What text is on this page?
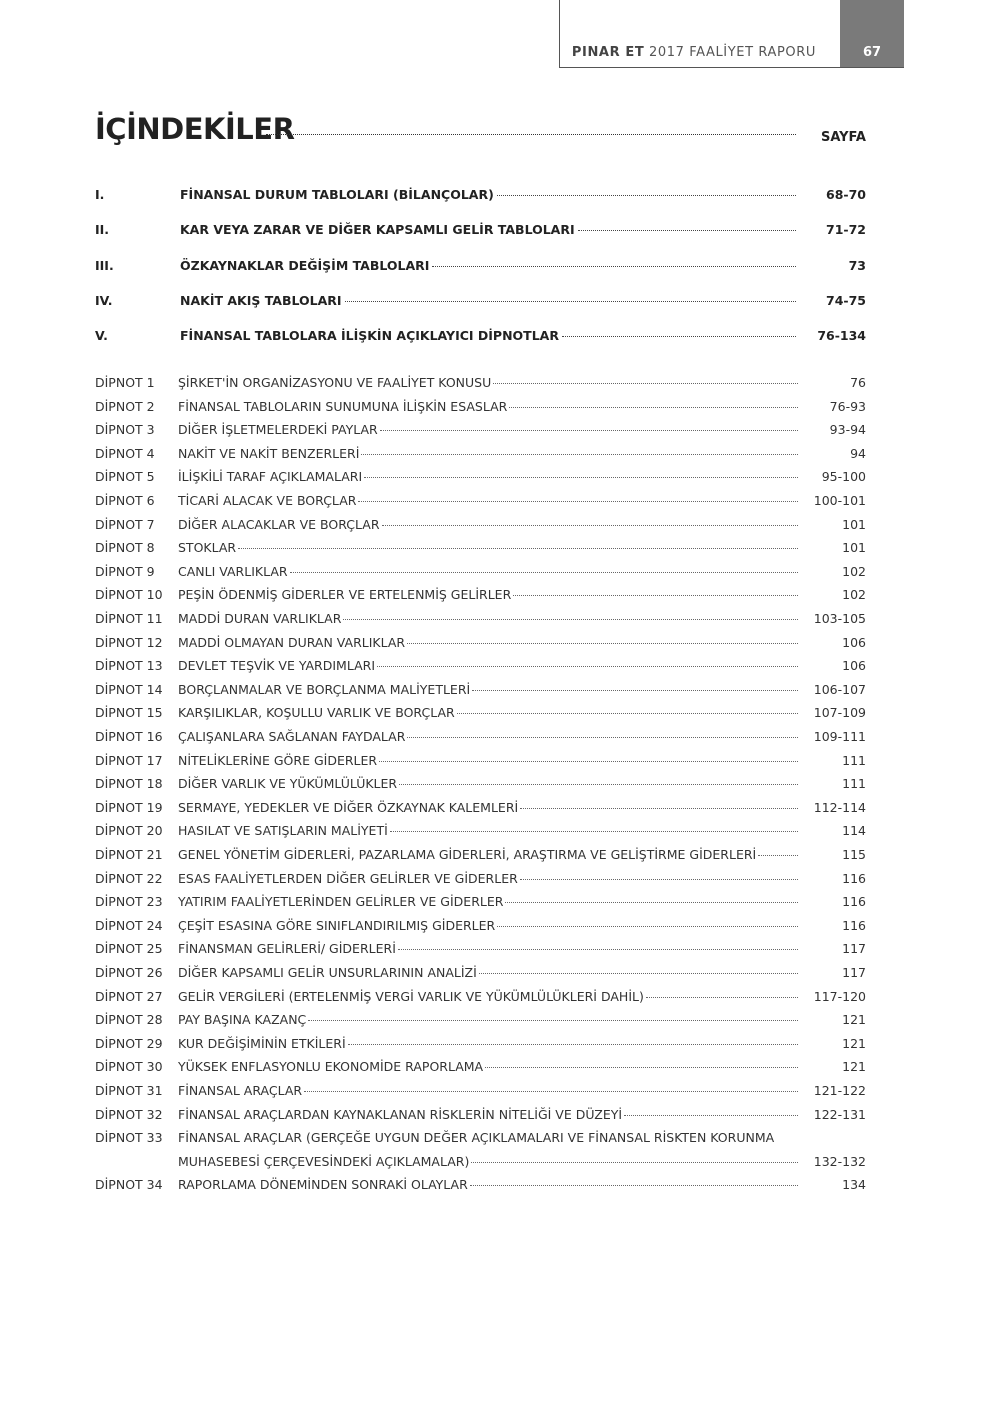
PINAR ET 2017 FAALİYET RAPORU	67
İÇİNDEKİLER	SAYFA
I.	FİNANSAL DURUM TABLOLARI (BİLANÇOLAR)	68-70
II.	KAR VEYA ZARAR VE DİĞER KAPSAMLI GELİR TABLOLARI	71-72
III.	ÖZKAYNAKLAR DEĞİŞİM TABLOLARI	73
IV.	NAKİT AKIŞ TABLOLARI	74-75
V.	FİNANSAL TABLOLARA İLİŞKİN AÇIKLAYICI DİPNOTLAR	76-134
DİPNOT 1 ŞİRKET'İN ORGANİZASYONU VE FAALİYET KONUSU	76
DİPNOT 2 FİNANSAL TABLOLARIN SUNUMUNA İLİŞKİN ESASLAR	76-93
DİPNOT 3 DİĞER İŞLETMELERDEKİ PAYLAR	93-94
DİPNOT 4 NAKİT VE NAKİT BENZERLERİ	94
DİPNOT 5 İLİŞKİLİ TARAF AÇIKLAMALARI	95-100
DİPNOT 6 TİCARİ ALACAK VE BORÇLAR	100-101
DİPNOT 7 DİĞER ALACAKLAR VE BORÇLAR	101
DİPNOT 8 STOKLAR	101
DİPNOT 9 CANLI VARLIKLAR	102
DİPNOT 10 PEŞİN ÖDENMİŞ GİDERLER VE ERTELENMİŞ GELİRLER	102
DİPNOT 11 MADDİ DURAN VARLIKLAR	103-105
DİPNOT 12 MADDİ OLMAYAN DURAN VARLIKLAR	106
DİPNOT 13 DEVLET TEŞVİK VE YARDIMLARI	106
DİPNOT 14 BORÇLANMALAR VE BORÇLANMA MALİYETLERİ	106-107
DİPNOT 15 KARŞILIKLAR, KOŞULLU VARLIK VE BORÇLAR	107-109
DİPNOT 16 ÇALIŞANLARA SAĞLANAN FAYDALAR	109-111
DİPNOT 17 NİTELİKLERİNE GÖRE GİDERLER	111
DİPNOT 18 DİĞER VARLIK VE YÜKÜMLÜLÜKLER	111
DİPNOT 19 SERMAYE, YEDEKLER VE DİĞER ÖZKAYNAK KALEMLERİ	112-114
DİPNOT 20 HASILAT VE SATIŞLARIN MALİYETİ	114
DİPNOT 21 GENEL YÖNETİM GİDERLERİ, PAZARLAMA GİDERLERİ, ARAŞTIRMA VE GELİŞTİRME GİDERLERİ	115
DİPNOT 22 ESAS FAALİYETLERDEN DİĞER GELİRLER VE GİDERLER	116
DİPNOT 23 YATIRIM FAALİYETLERİNDEN GELİRLER VE GİDERLER	116
DİPNOT 24 ÇEŞİT ESASINA GÖRE SINIFLANDIRILMIŞ GİDERLER	116
DİPNOT 25 FİNANSMAN GELİRLERİ/ GİDERLERİ	117
DİPNOT 26 DİĞER KAPSAMLI GELİR UNSURLARININ ANALİZİ	117
DİPNOT 27 GELİR VERGİLERİ (ERTELENMİŞ VERGİ VARLIK VE YÜKÜMLÜLÜKLERİ DAHİL)	117-120
DİPNOT 28 PAY BAŞINA KAZANÇ	121
DİPNOT 29 KUR DEĞİŞİMİNİN ETKİLERİ	121
DİPNOT 30 YÜKSEK ENFLASYONLU EKONOMİDE RAPORLAMA	121
DİPNOT 31 FİNANSAL ARAÇLAR	121-122
DİPNOT 32 FİNANSAL ARAÇLARDAN KAYNAKLANAN RİSKLERİN NİTELİĞİ VE DÜZEYİ	122-131
DİPNOT 33 FİNANSAL ARAÇLAR (GERÇEĞE UYGUN DEĞER AÇIKLAMALARI VE FİNANSAL RİSKTEN KORUNMA
MUHASEBESİ ÇERÇEVESİNDEKİ AÇIKLAMALAR)	132-132
DİPNOT 34 RAPORLAMA DÖNEMİNDEN SONRAKİ OLAYLAR	134
